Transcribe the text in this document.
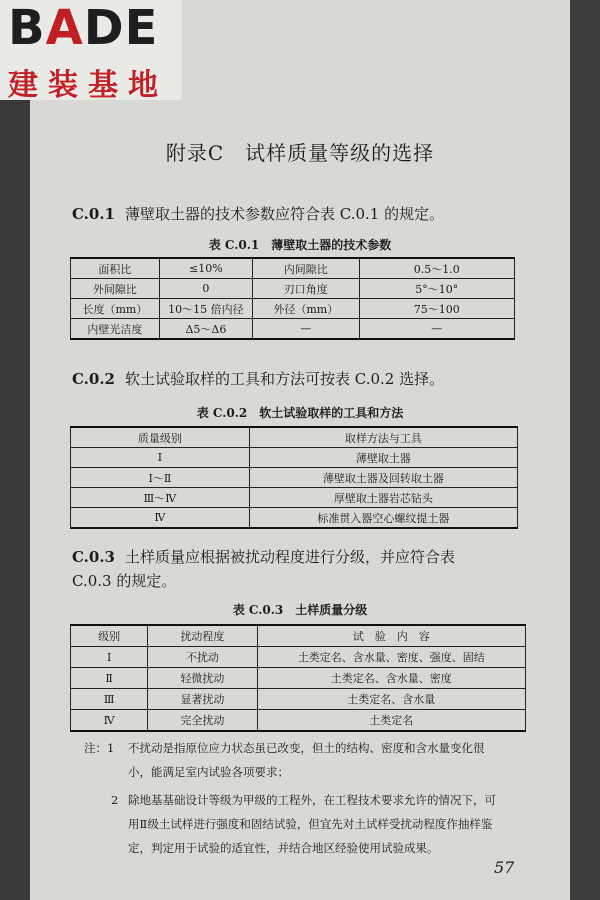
BADE
建装基地
附录C　试样质量等级的选择
C.0.1 薄壁取土器的技术参数应符合表 C.0.1 的规定。
表 C.0.1　薄壁取土器的技术参数
面积比	≤10%	内间隙比	0.5～1.0
外间隙比	0	刃口角度	5°～10°
长度（mm）	10～15 倍内径	外径（mm）	75～100
内壁光洁度	Δ5～Δ6	—	—
C.0.2 软土试验取样的工具和方法可按表 C.0.2 选择。
表 C.0.2　软土试验取样的工具和方法
质量级别	取样方法与工具
Ⅰ	薄壁取土器
Ⅰ～Ⅱ	薄壁取土器及回转取土器
Ⅲ～Ⅳ	厚壁取土器岩芯钻头
Ⅳ	标准贯入器空心螺纹提土器
C.0.3 土样质量应根据被扰动程度进行分级，并应符合表
C.0.3 的规定。
表 C.0.3　土样质量分级
级别	扰动程度	试　验　内　容
Ⅰ	不扰动	土类定名、含水量、密度、强度、固结
Ⅱ	轻微扰动	土类定名、含水量、密度
Ⅲ	显著扰动	土类定名、含水量
Ⅳ	完全扰动	土类定名
注：1 不扰动是指原位应力状态虽已改变，但土的结构、密度和含水量变化很
小，能满足室内试验各项要求；
2 除地基基础设计等级为甲级的工程外，在工程技术要求允许的情况下，可
用Ⅱ级土试样进行强度和固结试验，但宜先对土试样受扰动程度作抽样鉴
定，判定用于试验的适宜性，并结合地区经验使用试验成果。
57
